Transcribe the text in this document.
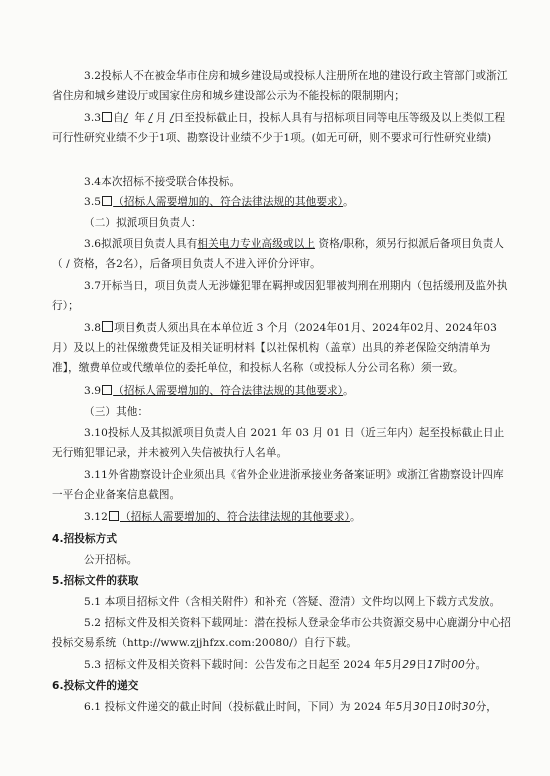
3.2投标人不在被金华市住房和城乡建设局或投标人注册所在地的建设行政主管部门或浙江省住房和城乡建设厅或国家住房和城乡建设部公示为不能投标的限制期内；
3.3 自/ 年 / 月 /日至投标截止日，投标人具有与招标项目同等电压等级及以上类似工程可行性研究业绩不少于1项、勘察设计业绩不少于1项。(如无可研，则不要求可行性研究业绩)
3.4本次招标不接受联合体投标。
3.5 （招标人需要增加的、符合法律法规的其他要求）。
（二）拟派项目负责人：
3.6拟派项目负责人具有相关电力专业高级或以上 资格/职称，须另行拟派后备项目负责人（ / 资格，各2名），后备项目负责人不进入评价分评审。
3.7开标当日，项目负责人无涉嫌犯罪在羁押或因犯罪被判刑在刑期内（包括缓刑及监外执行）；
3.8✓ 项目负责人须出具在本单位近 3 个月（2024年01月、2024年02月、2024年03月）及以上的社保缴费凭证及相关证明材料【以社保机构（盖章）出具的养老保险交纳清单为准】，缴费单位或代缴单位的委托单位，和投标人名称（或投标人分公司名称）须一致。
3.9 （招标人需要增加的、符合法律法规的其他要求）。
（三）其他：
3.10投标人及其拟派项目负责人自 2021 年 03 月 01 日（近三年内）起至投标截止日止无行贿犯罪记录，并未被列入失信被执行人名单。
3.11外省勘察设计企业须出具《省外企业进浙承接业务备案证明》或浙江省勘察设计四库一平台企业备案信息截图。
3.12 （招标人需要增加的、符合法律法规的其他要求）。
4.招投标方式
公开招标。
5.招标文件的获取
5.1 本项目招标文件（含相关附件）和补充（答疑、澄清）文件均以网上下载方式发放。
5.2 招标文件及相关资料下载网址：潜在投标人登录金华市公共资源交易中心鹿湖分中心招投标交易系统（http://www.zjjhfzx.com:20080/）自行下载。
5.3 招标文件及相关资料下载时间：公告发布之日起至 2024 年5月29日17时00分。
6.投标文件的递交
6.1 投标文件递交的截止时间（投标截止时间，下同）为 2024 年5月30日10时30分，
